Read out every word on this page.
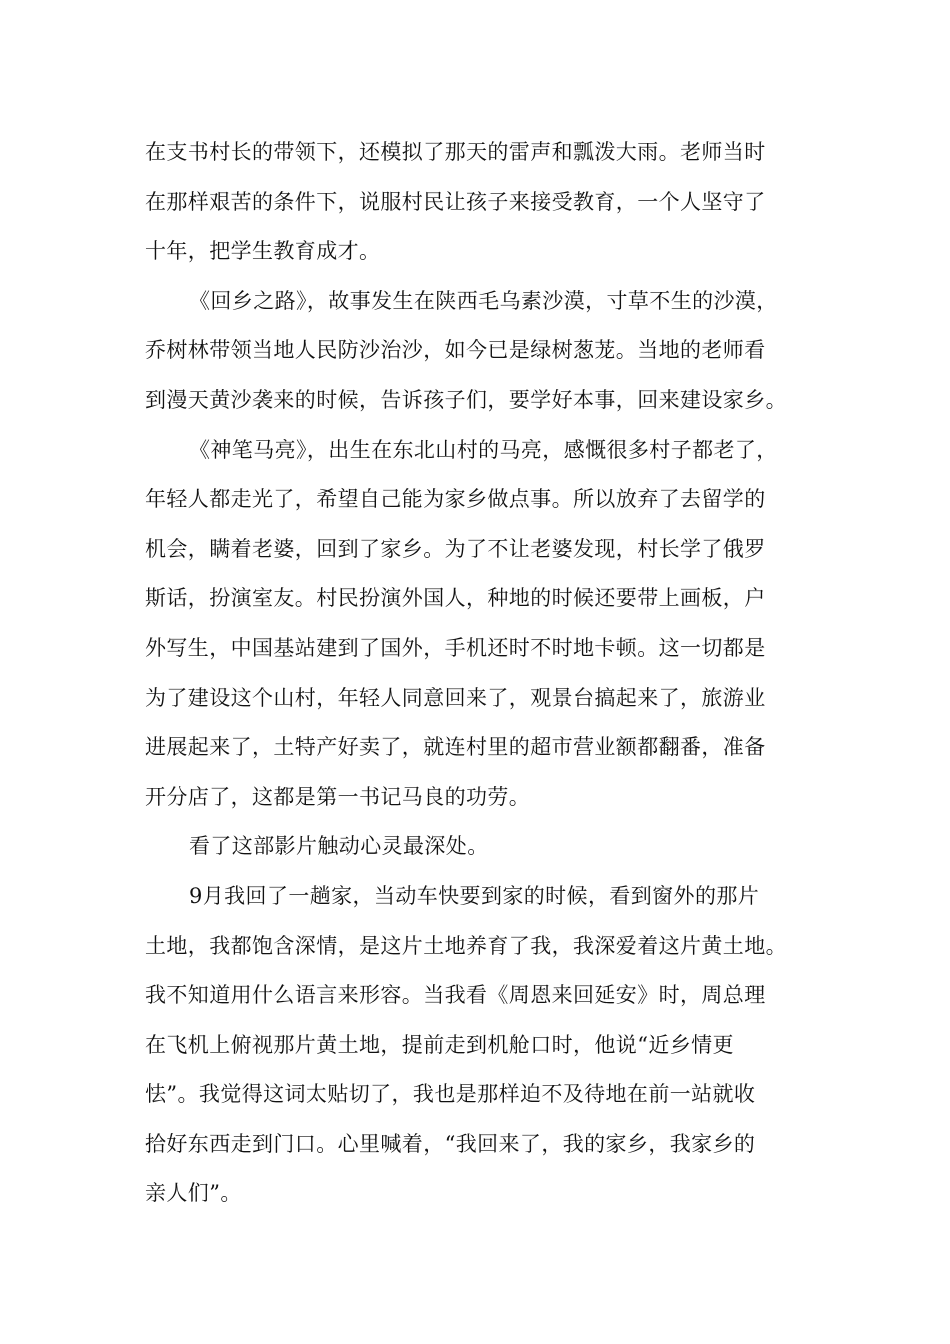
在支书村长的带领下，还模拟了那天的雷声和瓢泼大雨。老师当时
在那样艰苦的条件下，说服村民让孩子来接受教育，一个人坚守了
十年，把学生教育成才。
《回乡之路》，故事发生在陕西毛乌素沙漠，寸草不生的沙漠，
乔树林带领当地人民防沙治沙，如今已是绿树葱茏。当地的老师看
到漫天黄沙袭来的时候，告诉孩子们，要学好本事，回来建设家乡。
《神笔马亮》，出生在东北山村的马亮，感慨很多村子都老了，
年轻人都走光了，希望自己能为家乡做点事。所以放弃了去留学的
机会，瞒着老婆，回到了家乡。为了不让老婆发现，村长学了俄罗
斯话，扮演室友。村民扮演外国人，种地的时候还要带上画板，户
外写生，中国基站建到了国外，手机还时不时地卡顿。这一切都是
为了建设这个山村，年轻人同意回来了，观景台搞起来了，旅游业
进展起来了，土特产好卖了，就连村里的超市营业额都翻番，准备
开分店了，这都是第一书记马良的功劳。
看了这部影片触动心灵最深处。
9月我回了一趟家，当动车快要到家的时候，看到窗外的那片
土地，我都饱含深情，是这片土地养育了我，我深爱着这片黄土地。
我不知道用什么语言来形容。当我看《周恩来回延安》时，周总理
在飞机上俯视那片黄土地，提前走到机舱口时，他说“近乡情更
怯”。我觉得这词太贴切了，我也是那样迫不及待地在前一站就收
拾好东西走到门口。心里喊着，“我回来了，我的家乡，我家乡的
亲人们”。
